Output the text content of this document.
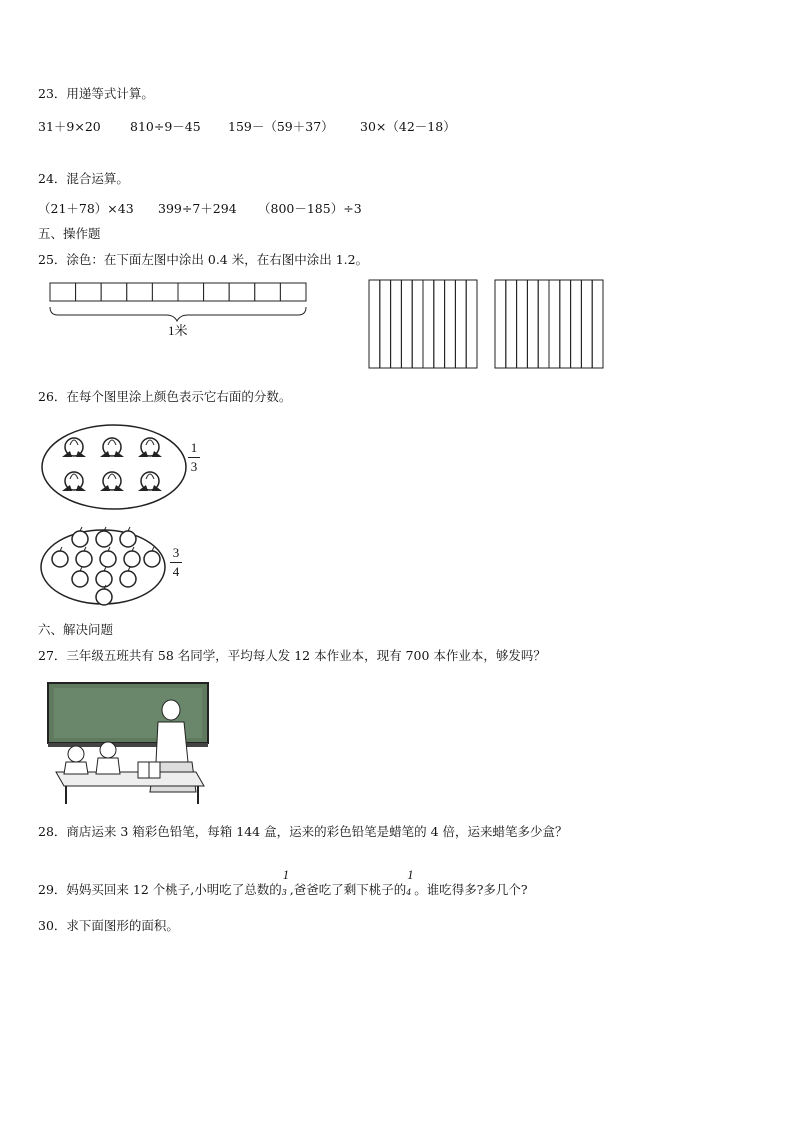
23．用递等式计算。
31＋9×20 810÷9－45 159－（59＋37） 30×（42－18）
24．混合运算。
（21＋78）×43 399÷7＋294 （800－185）÷3
五、操作题
25．涂色：在下面左图中涂出 0.4 米，在右图中涂出 1.2。
1米
26．在每个图里涂上颜色表示它右面的分数。
1
3
3
4
六、解决问题
27．三年级五班共有 58 名同学，平均每人发 12 本作业本，现有 700 本作业本，够发吗？
28．商店运来 3 箱彩色铅笔，每箱 144 盒，运来的彩色铅笔是蜡笔的 4 倍，运来蜡笔多少盒？
29．妈妈买回来 12 个桃子,小明吃了总数的
1
3 ,爸爸吃了剩下桃子的
1
4 。谁吃得多?多几个?
30．求下面图形的面积。
